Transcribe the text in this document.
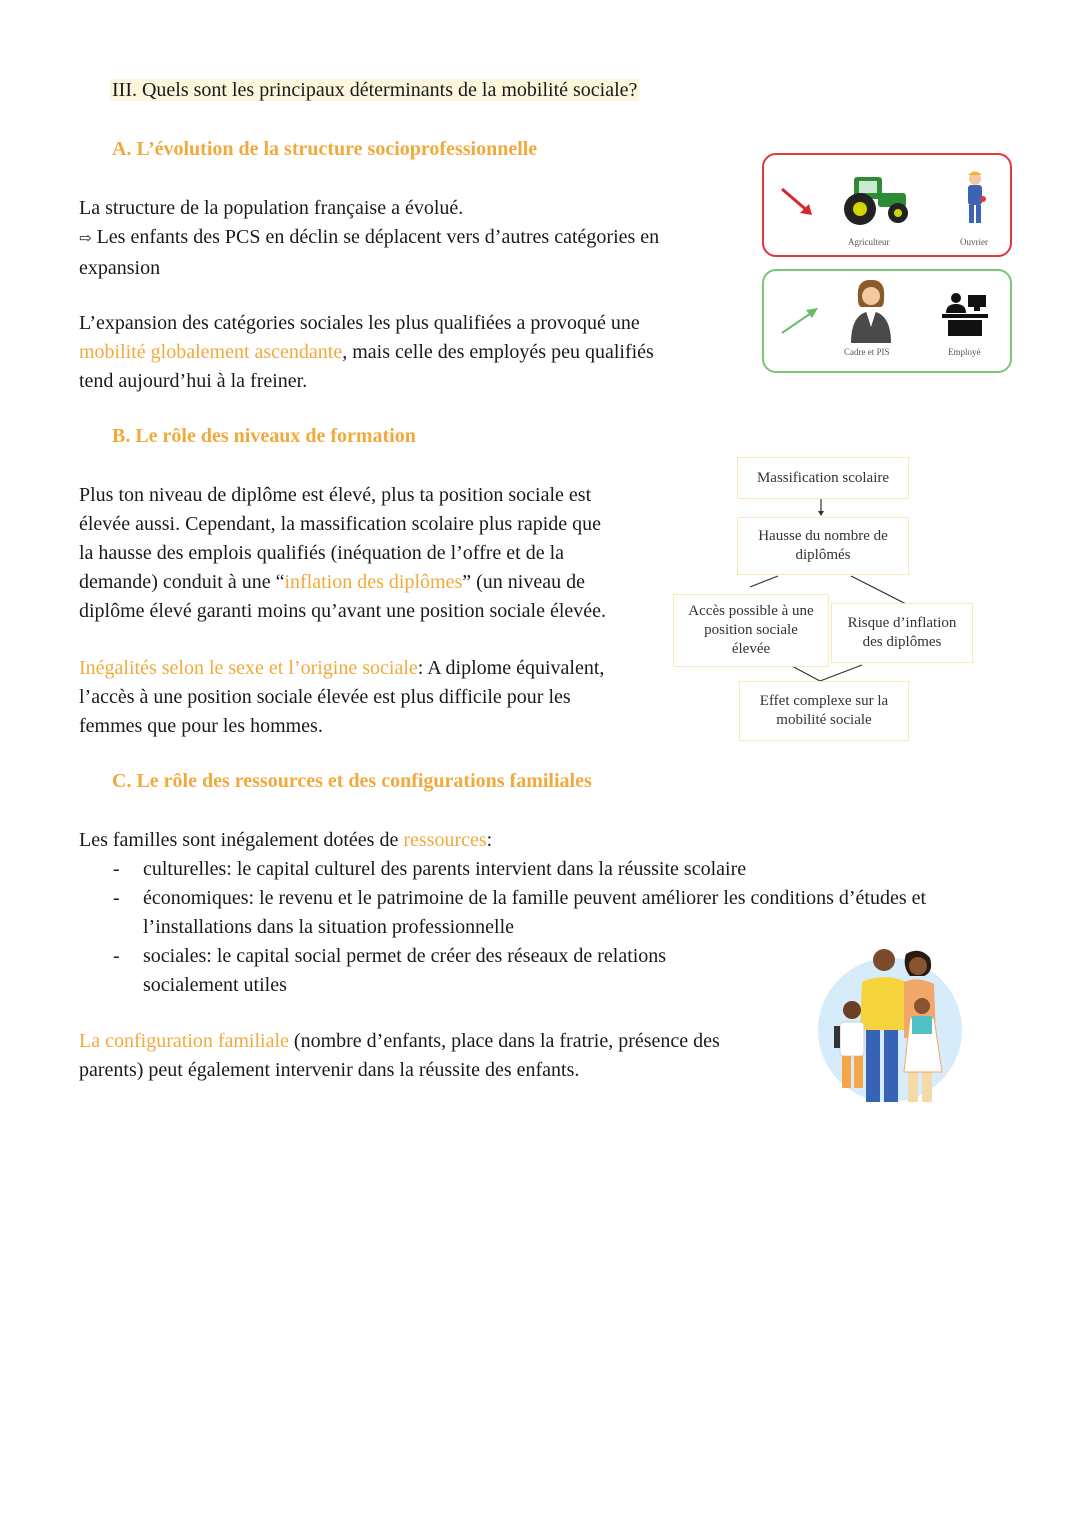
III. Quels sont les principaux déterminants de la mobilité sociale?
A. L’évolution de la structure socioprofessionnelle
La structure de la population française a évolué.
⇨ Les enfants des PCS en déclin se déplacent vers d’autres catégories en
expansion
L’expansion des catégories sociales les plus qualifiées a provoqué une
mobilité globalement ascendante, mais celle des employés peu qualifiés
tend aujourd’hui à la freiner.
Agriculteur	Ouvrier
Cadre et PIS	Employé
B. Le rôle des niveaux de formation
Plus ton niveau de diplôme est élevé, plus ta position sociale est
élevée aussi. Cependant, la massification scolaire plus rapide que
la hausse des emplois qualifiés (inéquation de l’offre et de la
demande) conduit à une “inflation des diplômes” (un niveau de
diplôme élevé garanti moins qu’avant une position sociale élevée.
Inégalités selon le sexe et l’origine sociale: A diplome équivalent,
l’accès à une position sociale élevée est plus difficile pour les
femmes que pour les hommes.
Massification scolaire
Hausse du nombre de diplômés
Accès possible à une position sociale élevée
Risque d’inflation des diplômes
Effet complexe sur la mobilité sociale
C. Le rôle des ressources et des configurations familiales
Les familles sont inégalement dotées de ressources:
- culturelles: le capital culturel des parents intervient dans la réussite scolaire
- économiques: le revenu et le patrimoine de la famille peuvent améliorer les conditions d’études et l’installations dans la situation professionnelle
- sociales: le capital social permet de créer des réseaux de relations socialement utiles
La configuration familiale (nombre d’enfants, place dans la fratrie, présence des
parents) peut également intervenir dans la réussite des enfants.
